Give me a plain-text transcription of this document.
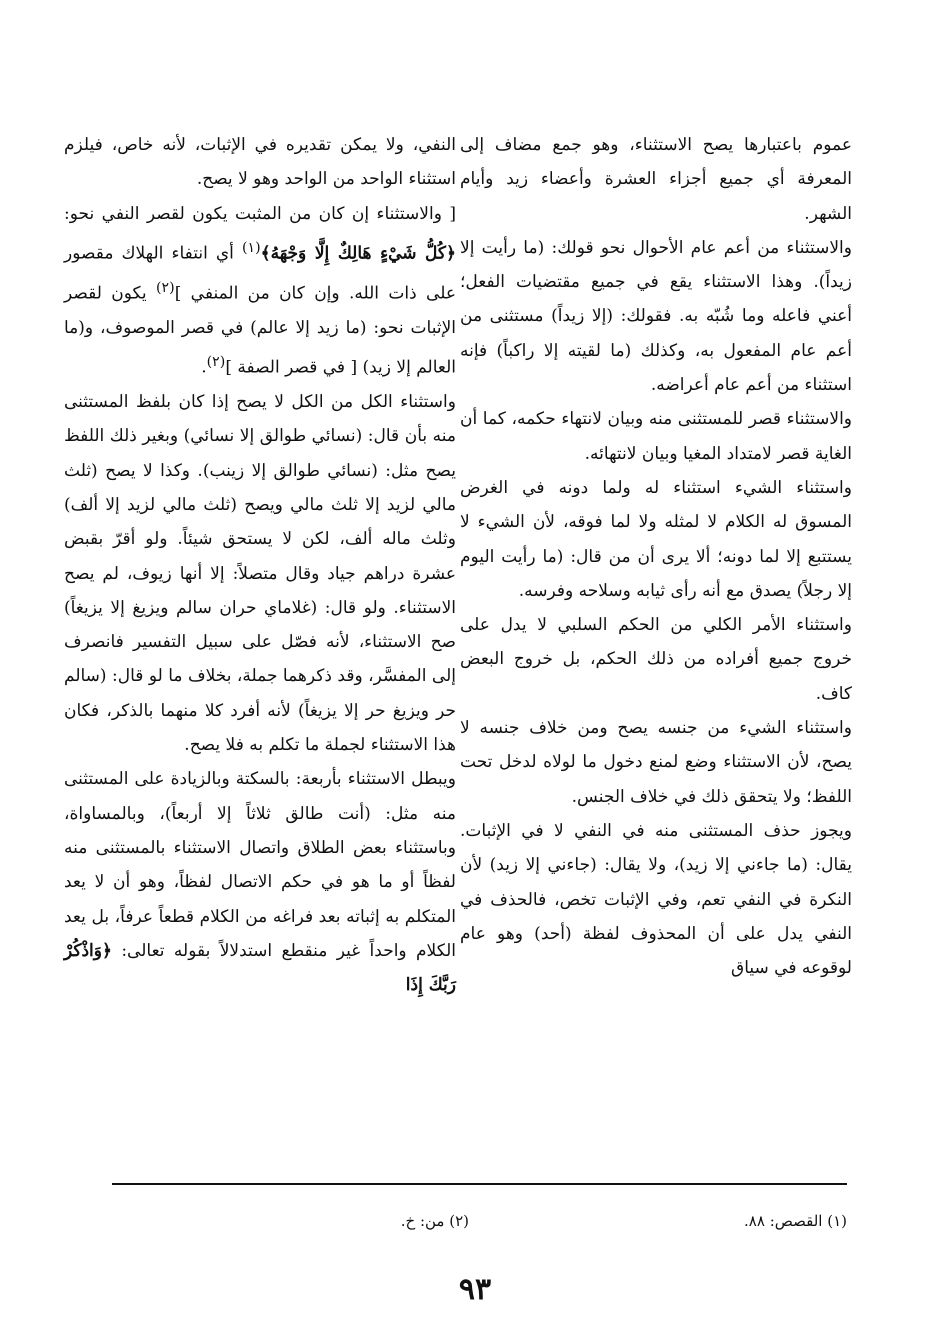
عموم باعتبارها يصح الاستثناء، وهو جمع مضاف إلى المعرفة أي جميع أجزاء العشرة وأعضاء زيد وأيام الشهر.

والاستثناء من أعم عام الأحوال نحو قولك: (ما رأيت إلا زيداً). وهذا الاستثناء يقع في جميع مقتضيات الفعل؛ أعني فاعله وما شُبّه به. فقولك: (إلا زيداً) مستثنى من أعم عام المفعول به، وكذلك (ما لقيته إلا راكباً) فإنه استثناء من أعم عام أعراضه.

والاستثناء قصر للمستثنى منه وبيان لانتهاء حكمه، كما أن الغاية قصر لامتداد المغيا وبيان لانتهائه.

واستثناء الشيء استثناء له ولما دونه في الغرض المسوق له الكلام لا لمثله ولا لما فوقه، لأن الشيء لا يستتبع إلا لما دونه؛ ألا يرى أن من قال: (ما رأيت اليوم إلا رجلاً) يصدق مع أنه رأى ثيابه وسلاحه وفرسه.

واستثناء الأمر الكلي من الحكم السلبي لا يدل على خروج جميع أفراده من ذلك الحكم، بل خروج البعض كاف.

واستثناء الشيء من جنسه يصح ومن خلاف جنسه لا يصح، لأن الاستثناء وضع لمنع دخول ما لولاه لدخل تحت اللفظ؛ ولا يتحقق ذلك في خلاف الجنس.

ويجوز حذف المستثنى منه في النفي لا في الإثبات. يقال: (ما جاءني إلا زيد)، ولا يقال: (جاءني إلا زيد) لأن النكرة في النفي تعم، وفي الإثبات تخص، فالحذف في النفي يدل على أن المحذوف لفظة (أحد) وهو عام لوقوعه في سياق

النفي، ولا يمكن تقديره في الإثبات، لأنه خاص، فيلزم استثناء الواحد من الواحد وهو لا يصح.

[ والاستثناء إن كان من المثبت يكون لقصر النفي نحو: ﴿كُلُّ شَيْءٍ هَالِكٌ إِلَّا وَجْهَهُ﴾$^{(١)}$ أي انتفاء الهلاك مقصور على ذات الله. وإن كان من المنفي ]$^{(٢)}$ يكون لقصر الإثبات نحو: (ما زيد إلا عالم) في قصر الموصوف، و(ما العالم إلا زيد) [ في قصر الصفة ]$^{(٢)}$.

واستثناء الكل من الكل لا يصح إذا كان بلفظ المستثنى منه بأن قال: (نسائي طوالق إلا نسائي) وبغير ذلك اللفظ يصح مثل: (نسائي طوالق إلا زينب). وكذا لا يصح (ثلث مالي لزيد إلا ثلث مالي ويصح (ثلث مالي لزيد إلا ألف) وثلث ماله ألف، لكن لا يستحق شيئاً. ولو أقرّ بقبض عشرة دراهم جياد وقال متصلاً: إلا أنها زيوف، لم يصح الاستثناء. ولو قال: (غلاماي حران سالم ويزيغ إلا يزيغاً) صح الاستثناء، لأنه فصّل على سبيل التفسير فانصرف إلى المفسَّر، وقد ذكرهما جملة، بخلاف ما لو قال: (سالم حر ويزيغ حر إلا يزيغاً) لأنه أفرد كلا منهما بالذكر، فكان هذا الاستثناء لجملة ما تكلم به فلا يصح.

ويبطل الاستثناء بأربعة: بالسكتة وبالزيادة على المستثنى منه مثل: (أنت طالق ثلاثاً إلا أربعاً)، وبالمساواة، وباستثناء بعض الطلاق واتصال الاستثناء بالمستثنى منه لفظاً أو ما هو في حكم الاتصال لفظاً، وهو أن لا يعد المتكلم به إثباته بعد فراغه من الكلام قطعاً عرفاً، بل يعد الكلام واحداً غير منقطع استدلالاً بقوله تعالى: ﴿وَاذْكُرْ رَبَّكَ إِذَا

(١) القصص: ٨٨.
(٢) من: خ.
٩٣
